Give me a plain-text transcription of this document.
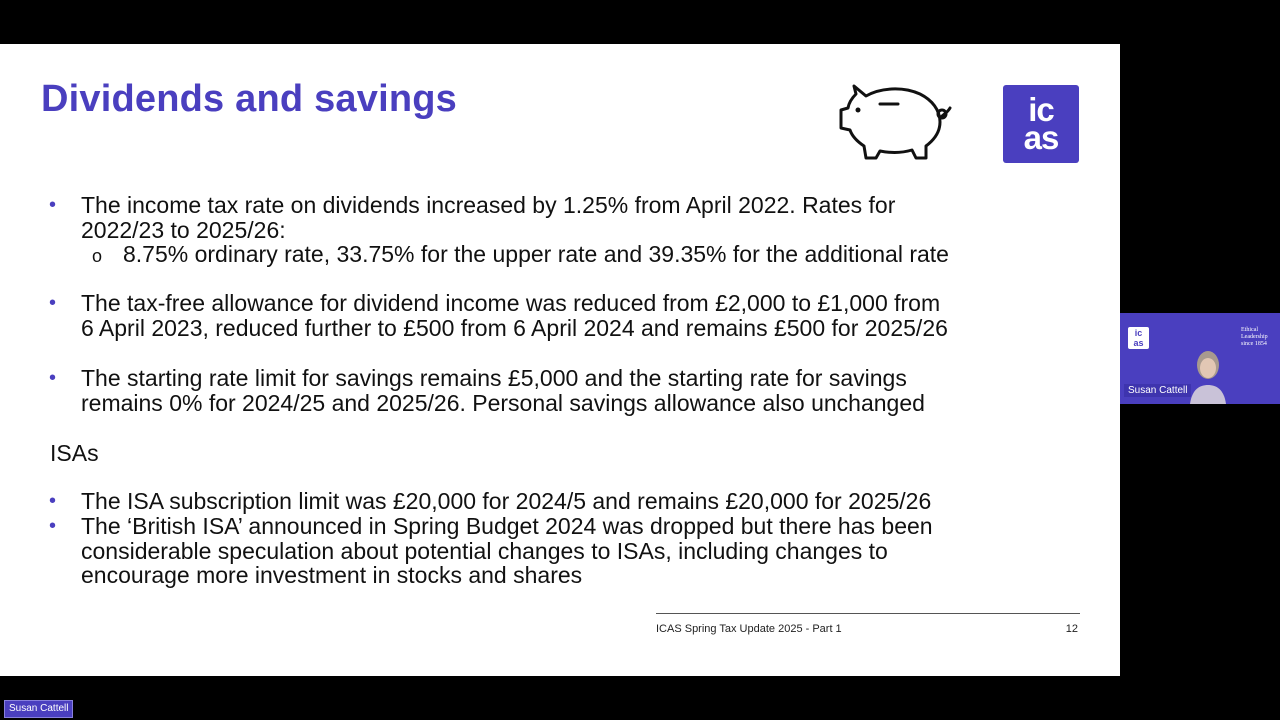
Dividends and savings	ic
as
• The income tax rate on dividends increased by 1.25% from April 2022. Rates for
2022/23 to 2025/26:
o 8.75% ordinary rate, 33.75% for the upper rate and 39.35% for the additional rate
• The tax-free allowance for dividend income was reduced from £2,000 to £1,000 from
6 April 2023, reduced further to £500 from 6 April 2024 and remains £500 for 2025/26
• The starting rate limit for savings remains £5,000 and the starting rate for savings
remains 0% for 2024/25 and 2025/26. Personal savings allowance also unchanged
ISAs
• The ISA subscription limit was £20,000 for 2024/5 and remains £20,000 for 2025/26
• The ‘British ISA’ announced in Spring Budget 2024 was dropped but there has been
considerable speculation about potential changes to ISAs, including changes to
encourage more investment in stocks and shares
ICAS Spring Tax Update 2025 - Part 1	12
ic
as
Ethical
Leadership
since 1854
Susan Cattell
Susan Cattell
